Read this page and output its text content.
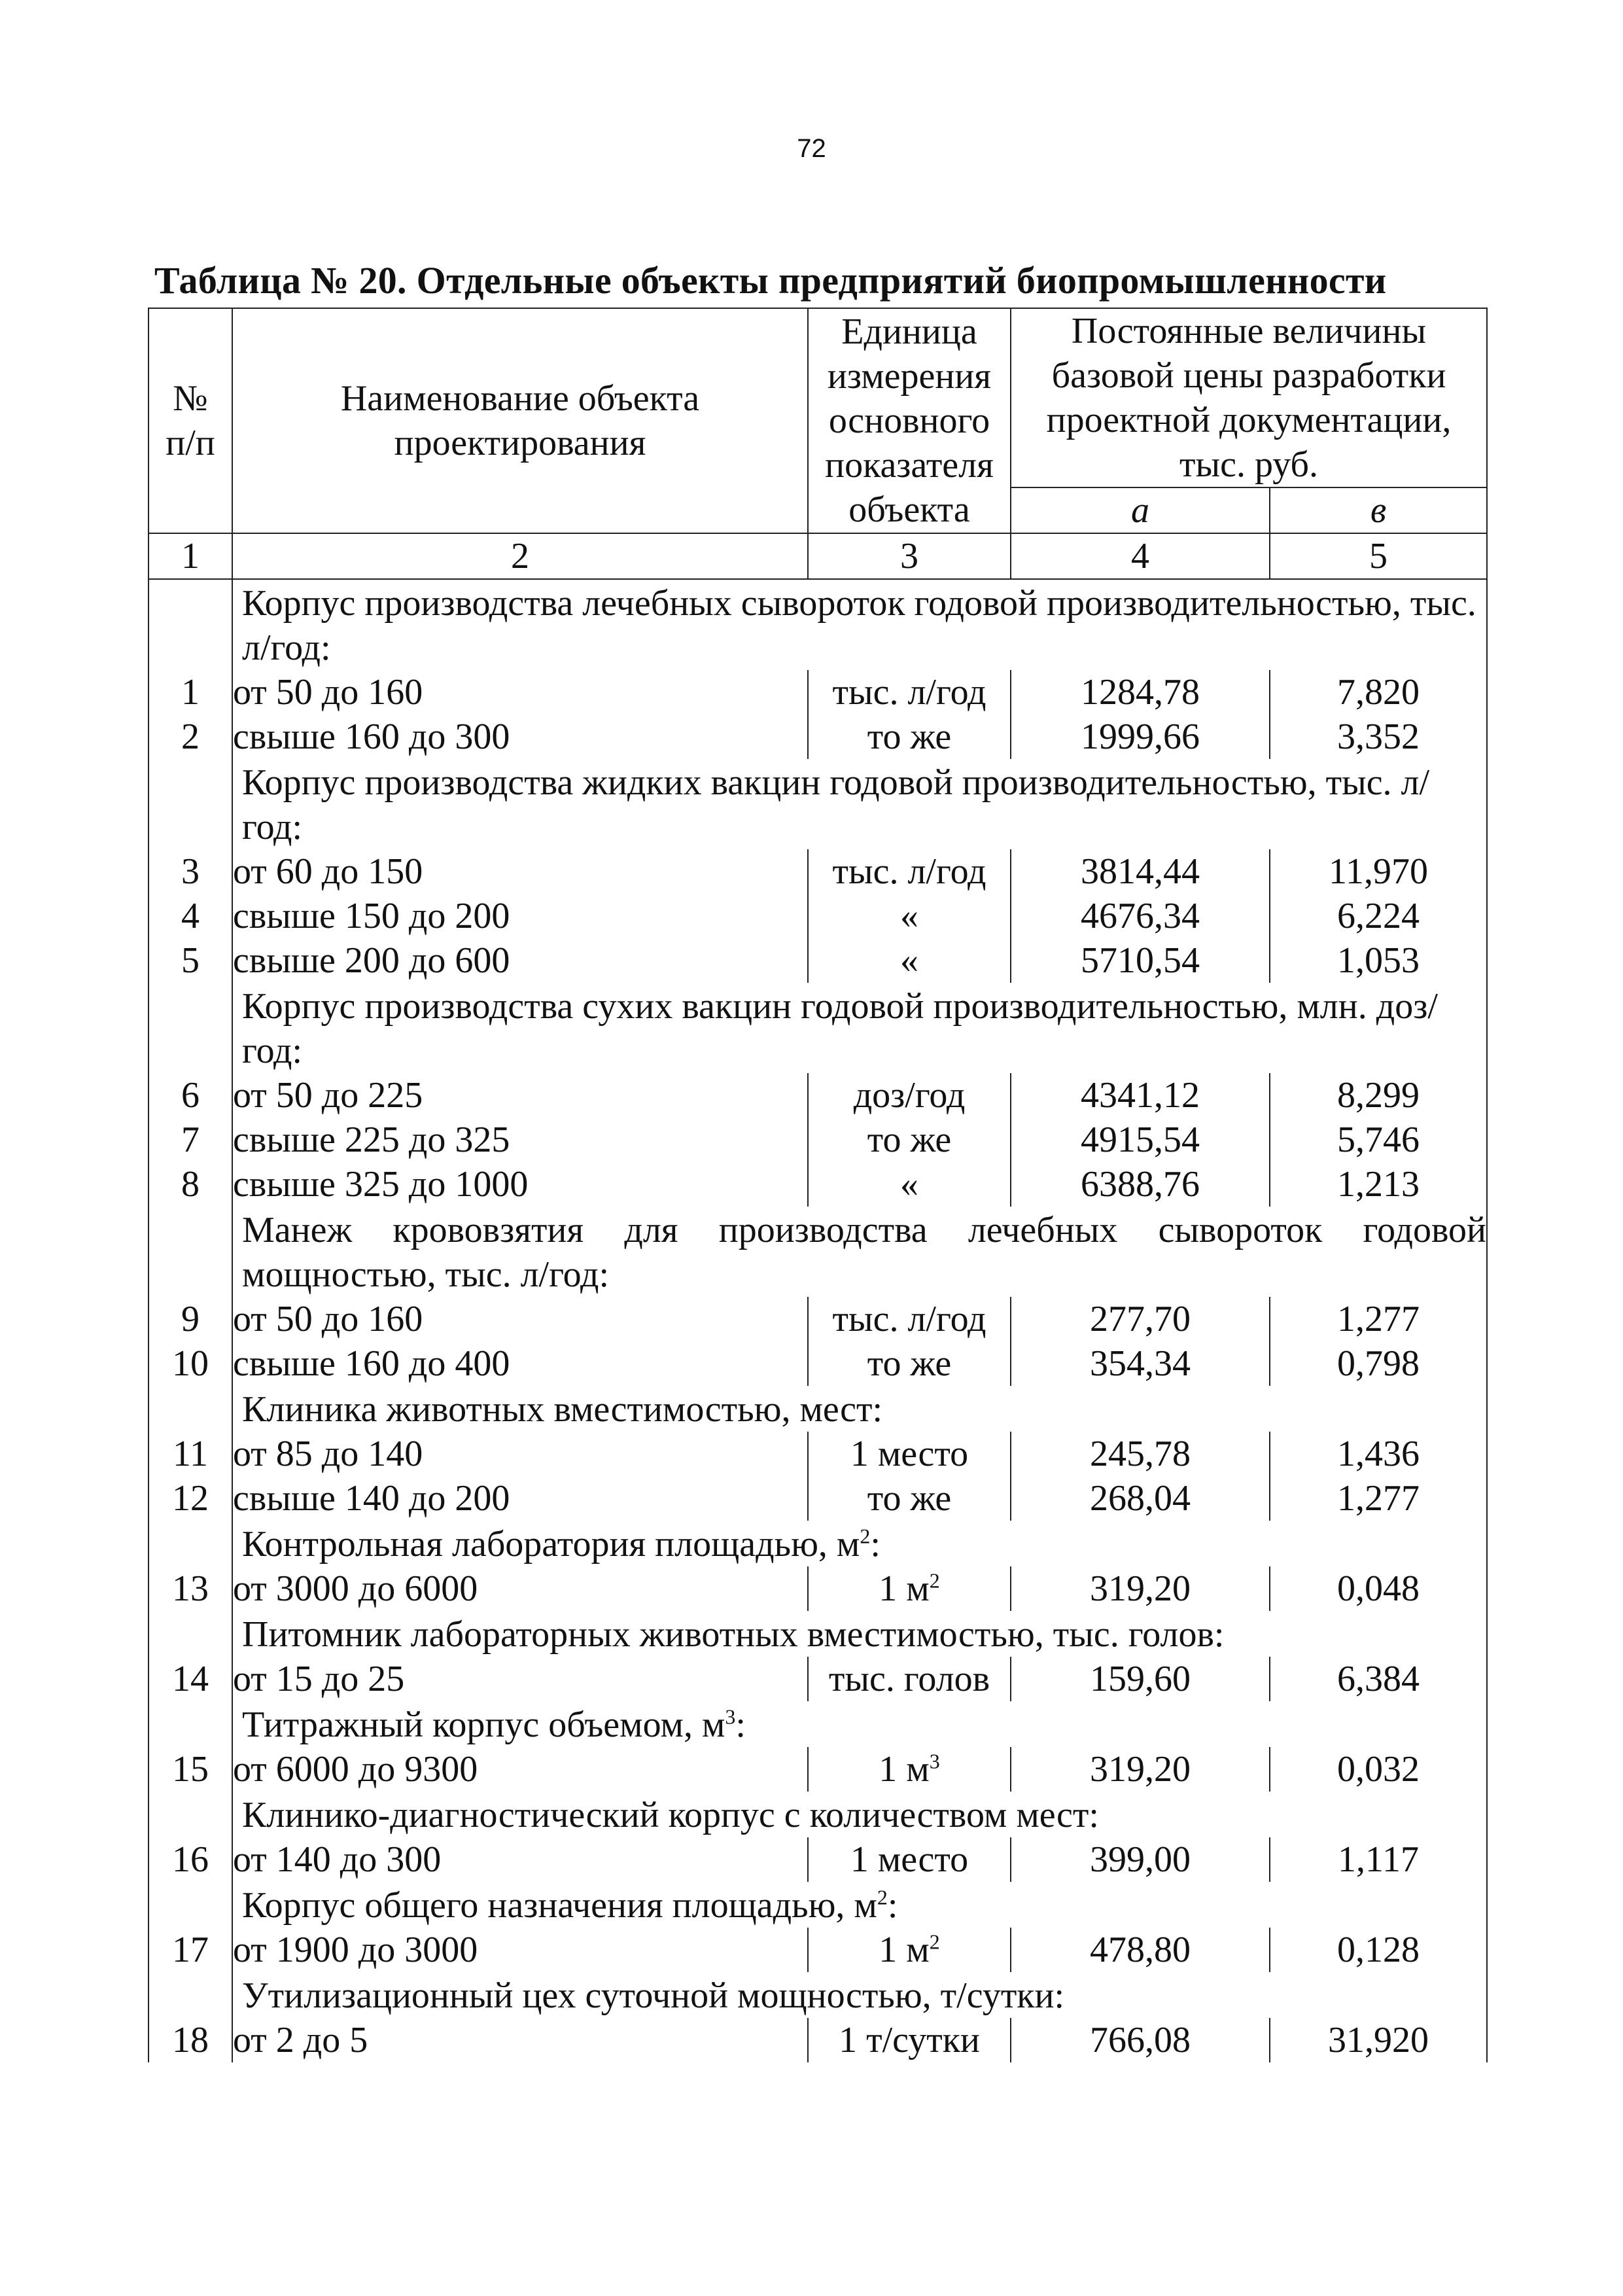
72
Таблица № 20. Отдельные объекты предприятий биопромышленности
№ п/п	Наименование объекта проектирования	Единица измерения основного показателя объекта	Постоянные величины базовой цены разработки проектной документации, тыс. руб.	
			а	в
1	2	3	4	5
	Корпус производства лечебных сывороток годовой производительностью, тыс. л/год:			
1	от 50 до 160	тыс. л/год	1284,78	7,820
2	свыше 160 до 300	то же	1999,66	3,352
	Корпус производства жидких вакцин годовой производительностью, тыс. л/год:			
3	от 60 до 150	тыс. л/год	3814,44	11,970
4	свыше 150 до 200	«	4676,34	6,224
5	свыше 200 до 600	«	5710,54	1,053
	Корпус производства сухих вакцин годовой производительностью, млн. доз/год:			
6	от 50 до 225	доз/год	4341,12	8,299
7	свыше 225 до 325	то же	4915,54	5,746
8	свыше 325 до 1000	«	6388,76	1,213
	Манеж крововзятия для производства лечебных сывороток годовой мощностью, тыс. л/год:			
9	от 50 до 160	тыс. л/год	277,70	1,277
10	свыше 160 до 400	то же	354,34	0,798
	Клиника животных вместимостью, мест:			
11	от 85 до 140	1 место	245,78	1,436
12	свыше 140 до 200	то же	268,04	1,277
	Контрольная лаборатория площадью, $м^2$:			
13	от 3000 до 6000	1 $м^2$	319,20	0,048
	Питомник лабораторных животных вместимостью, тыс. голов:			
14	от 15 до 25	тыс. голов	159,60	6,384
	Титражный корпус объемом, $м^3$:			
15	от 6000 до 9300	1 $м^3$	319,20	0,032
	Клинико-диагностический корпус с количеством мест:			
16	от 140 до 300	1 место	399,00	1,117
	Корпус общего назначения площадью, $м^2$:			
17	от 1900 до 3000	1 $м^2$	478,80	0,128
	Утилизационный цех суточной мощностью, т/сутки:			
18	от 2 до 5	1 т/сутки	766,08	31,920
